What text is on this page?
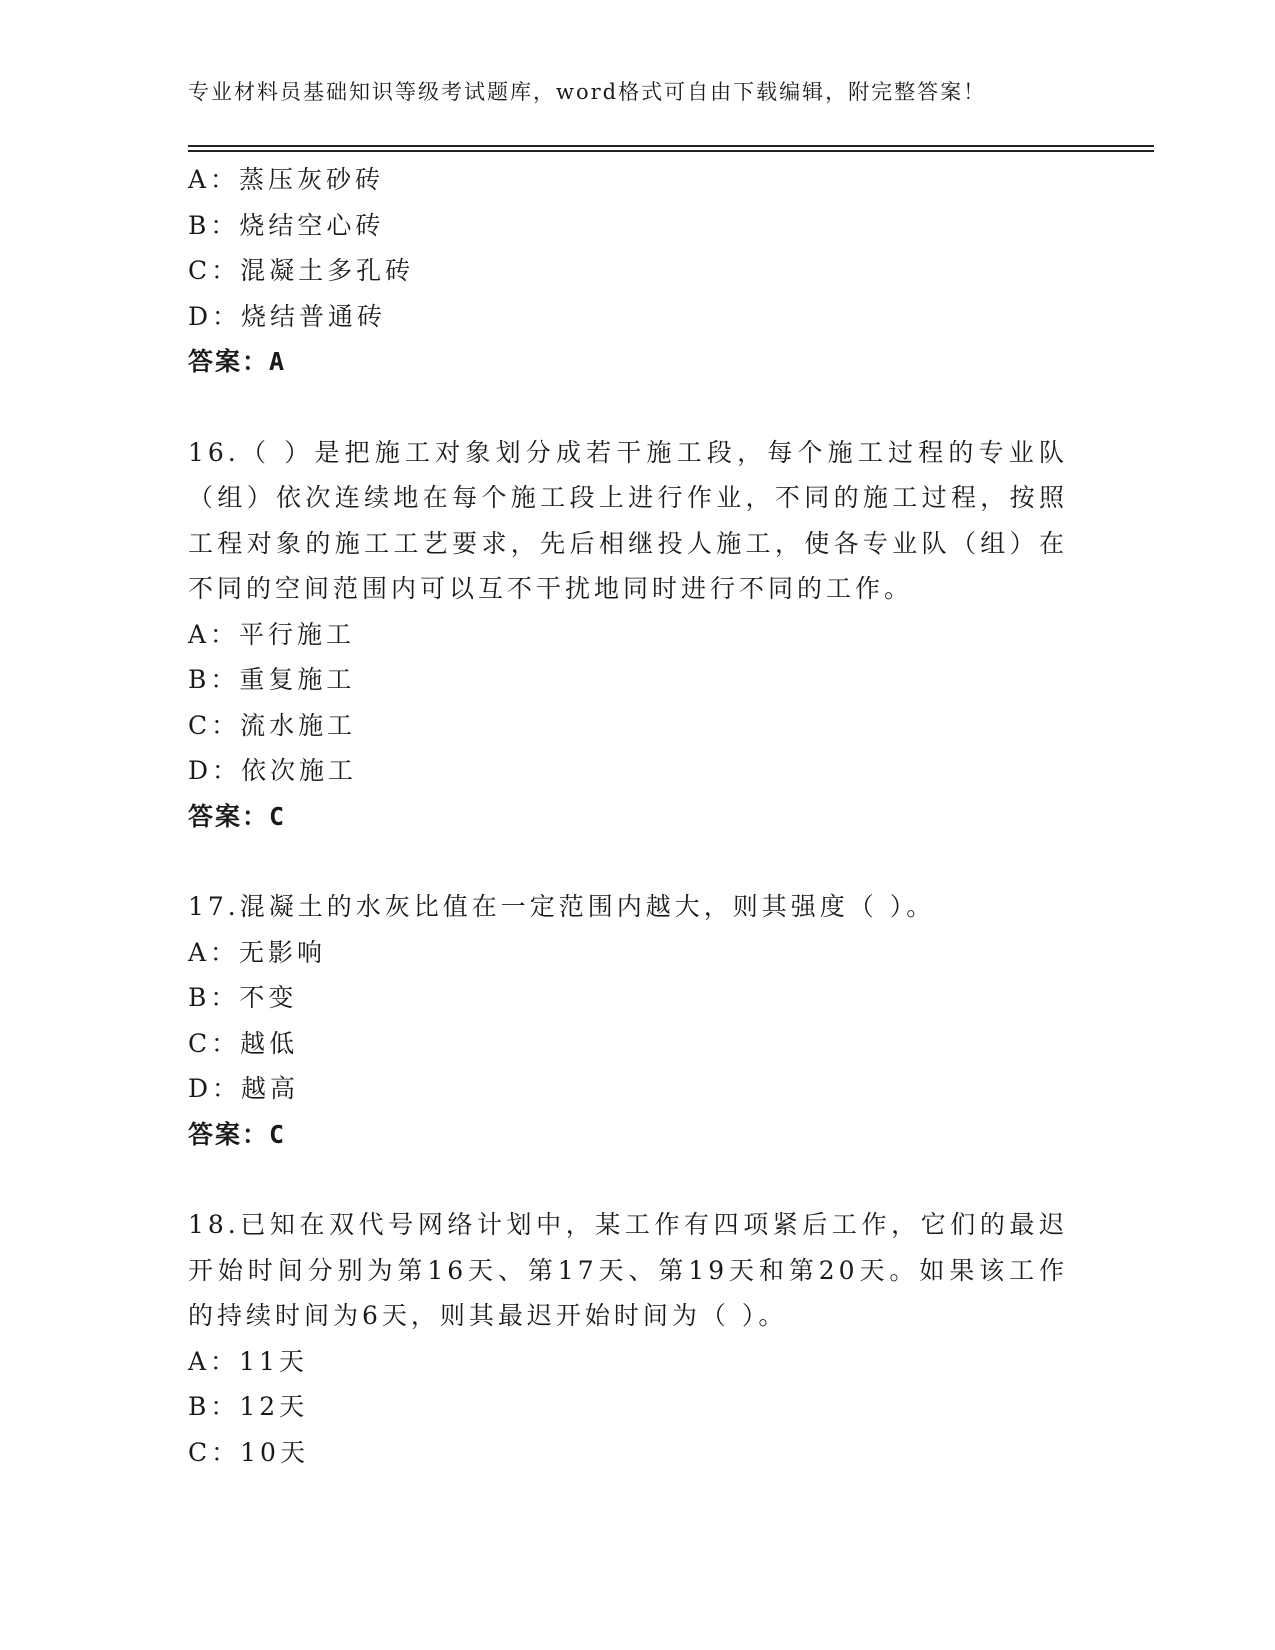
专业材料员基础知识等级考试题库，word格式可自由下载编辑，附完整答案！

A：蒸压灰砂砖

B：烧结空心砖

C：混凝土多孔砖

D：烧结普通砖

答案：A

16.（ ）是把施工对象划分成若干施工段，每个施工过程的专业队（组）依次连续地在每个施工段上进行作业，不同的施工过程，按照工程对象的施工工艺要求，先后相继投人施工，使各专业队（组）在不同的空间范围内可以互不干扰地同时进行不同的工作。

A：平行施工

B：重复施工

C：流水施工

D：依次施工

答案：C

17.混凝土的水灰比值在一定范围内越大，则其强度（ ）。

A：无影响

B：不变

C：越低

D：越高

答案：C

18.已知在双代号网络计划中，某工作有四项紧后工作，它们的最迟开始时间分别为第16天、第17天、第19天和第20天。如果该工作的持续时间为6天，则其最迟开始时间为（ ）。

A：11天

B：12天

C：10天
